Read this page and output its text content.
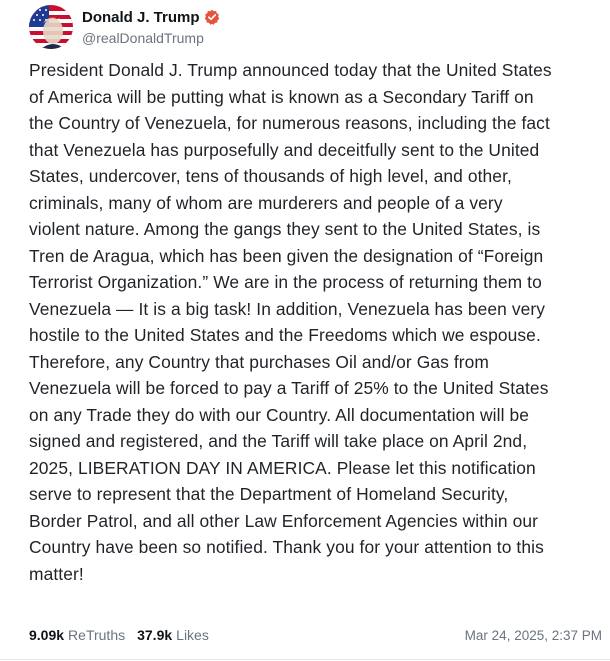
Donald J. Trump
@realDonaldTrump

President Donald J. Trump announced today that the United States
of America will be putting what is known as a Secondary Tariff on
the Country of Venezuela, for numerous reasons, including the fact
that Venezuela has purposefully and deceitfully sent to the United
States, undercover, tens of thousands of high level, and other,
criminals, many of whom are murderers and people of a very
violent nature. Among the gangs they sent to the United States, is
Tren de Aragua, which has been given the designation of “Foreign
Terrorist Organization.” We are in the process of returning them to
Venezuela — It is a big task! In addition, Venezuela has been very
hostile to the United States and the Freedoms which we espouse.
Therefore, any Country that purchases Oil and/or Gas from
Venezuela will be forced to pay a Tariff of 25% to the United States
on any Trade they do with our Country. All documentation will be
signed and registered, and the Tariff will take place on April 2nd,
2025, LIBERATION DAY IN AMERICA. Please let this notification
serve to represent that the Department of Homeland Security,
Border Patrol, and all other Law Enforcement Agencies within our
Country have been so notified. Thank you for your attention to this
matter!

9.09k ReTruths 37.9k Likes	Mar 24, 2025, 2:37 PM
